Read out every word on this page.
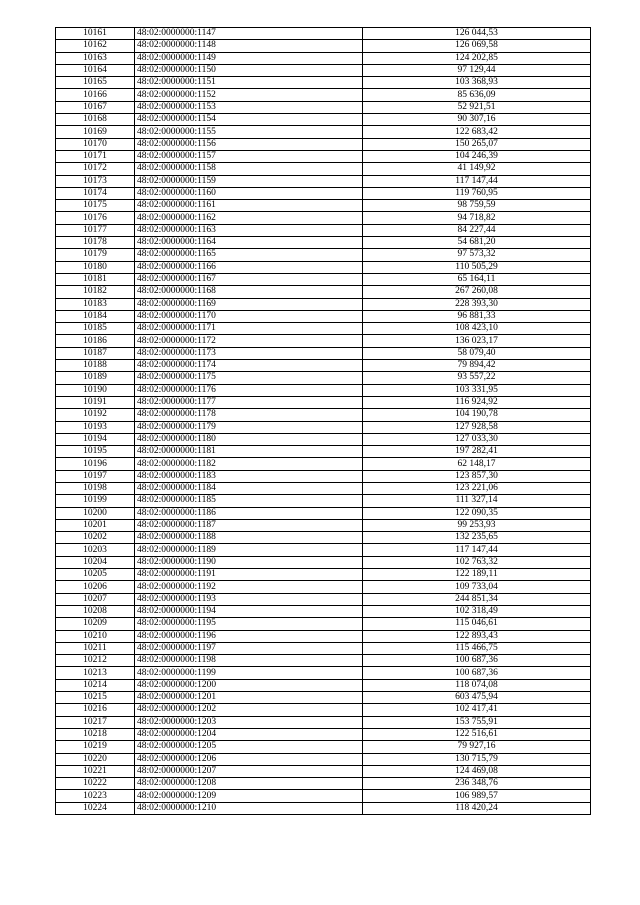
10161	48:02:0000000:1147	126 044,53
10162	48:02:0000000:1148	126 069,58
10163	48:02:0000000:1149	124 202,85
10164	48:02:0000000:1150	97 129,44
10165	48:02:0000000:1151	103 368,93
10166	48:02:0000000:1152	85 636,09
10167	48:02:0000000:1153	52 921,51
10168	48:02:0000000:1154	90 307,16
10169	48:02:0000000:1155	122 683,42
10170	48:02:0000000:1156	150 265,07
10171	48:02:0000000:1157	104 246,39
10172	48:02:0000000:1158	41 149,92
10173	48:02:0000000:1159	117 147,44
10174	48:02:0000000:1160	119 760,95
10175	48:02:0000000:1161	98 759,59
10176	48:02:0000000:1162	94 718,82
10177	48:02:0000000:1163	84 227,44
10178	48:02:0000000:1164	54 681,20
10179	48:02:0000000:1165	97 573,32
10180	48:02:0000000:1166	110 505,29
10181	48:02:0000000:1167	65 164,11
10182	48:02:0000000:1168	267 260,08
10183	48:02:0000000:1169	228 393,30
10184	48:02:0000000:1170	96 881,33
10185	48:02:0000000:1171	108 423,10
10186	48:02:0000000:1172	136 023,17
10187	48:02:0000000:1173	58 079,40
10188	48:02:0000000:1174	79 894,42
10189	48:02:0000000:1175	93 557,22
10190	48:02:0000000:1176	103 331,95
10191	48:02:0000000:1177	116 924,92
10192	48:02:0000000:1178	104 190,78
10193	48:02:0000000:1179	127 928,58
10194	48:02:0000000:1180	127 033,30
10195	48:02:0000000:1181	197 282,41
10196	48:02:0000000:1182	62 148,17
10197	48:02:0000000:1183	123 857,30
10198	48:02:0000000:1184	123 221,06
10199	48:02:0000000:1185	111 327,14
10200	48:02:0000000:1186	122 090,35
10201	48:02:0000000:1187	99 253,93
10202	48:02:0000000:1188	132 235,65
10203	48:02:0000000:1189	117 147,44
10204	48:02:0000000:1190	102 763,32
10205	48:02:0000000:1191	122 189,11
10206	48:02:0000000:1192	109 733,04
10207	48:02:0000000:1193	244 851,34
10208	48:02:0000000:1194	102 318,49
10209	48:02:0000000:1195	115 046,61
10210	48:02:0000000:1196	122 893,43
10211	48:02:0000000:1197	115 466,75
10212	48:02:0000000:1198	100 687,36
10213	48:02:0000000:1199	100 687,36
10214	48:02:0000000:1200	118 074,08
10215	48:02:0000000:1201	603 475,94
10216	48:02:0000000:1202	102 417,41
10217	48:02:0000000:1203	153 755,91
10218	48:02:0000000:1204	122 516,61
10219	48:02:0000000:1205	79 927,16
10220	48:02:0000000:1206	130 715,79
10221	48:02:0000000:1207	124 469,08
10222	48:02:0000000:1208	236 348,76
10223	48:02:0000000:1209	106 989,57
10224	48:02:0000000:1210	118 420,24
